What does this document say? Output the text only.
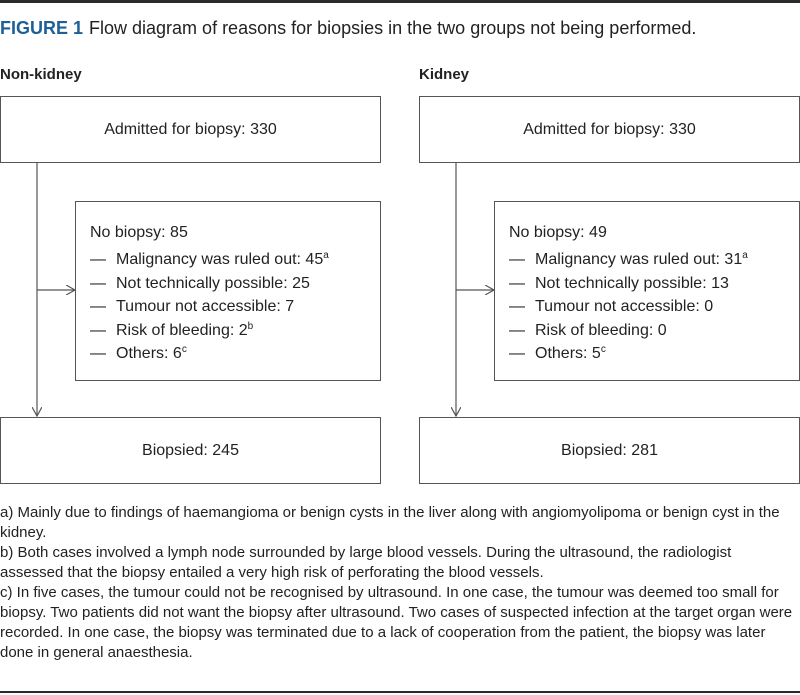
FIGURE 1 Flow diagram of reasons for biopsies in the two groups not being performed.
Non-kidney
Admitted for biopsy: 330
No biopsy: 85
— Malignancy was ruled out: 45$^a$
— Not technically possible: 25
— Tumour not accessible: 7
— Risk of bleeding: 2$^b$
— Others: 6$^c$
Biopsied: 245
Kidney
Admitted for biopsy: 330
No biopsy: 49
— Malignancy was ruled out: 31$^a$
— Not technically possible: 13
— Tumour not accessible: 0
— Risk of bleeding: 0
— Others: 5$^c$
Biopsied: 281

a) Mainly due to findings of haemangioma or benign cysts in the liver along with angiomyolipoma or benign cyst in the kidney.

b) Both cases involved a lymph node surrounded by large blood vessels. During the ultrasound, the radiologist assessed that the biopsy entailed a very high risk of perforating the blood vessels.

c) In five cases, the tumour could not be recognised by ultrasound. In one case, the tumour was deemed too small for biopsy. Two patients did not want the biopsy after ultrasound. Two cases of suspected infection at the target organ were recorded. In one case, the biopsy was terminated due to a lack of cooperation from the patient, the biopsy was later done in general anaesthesia.
